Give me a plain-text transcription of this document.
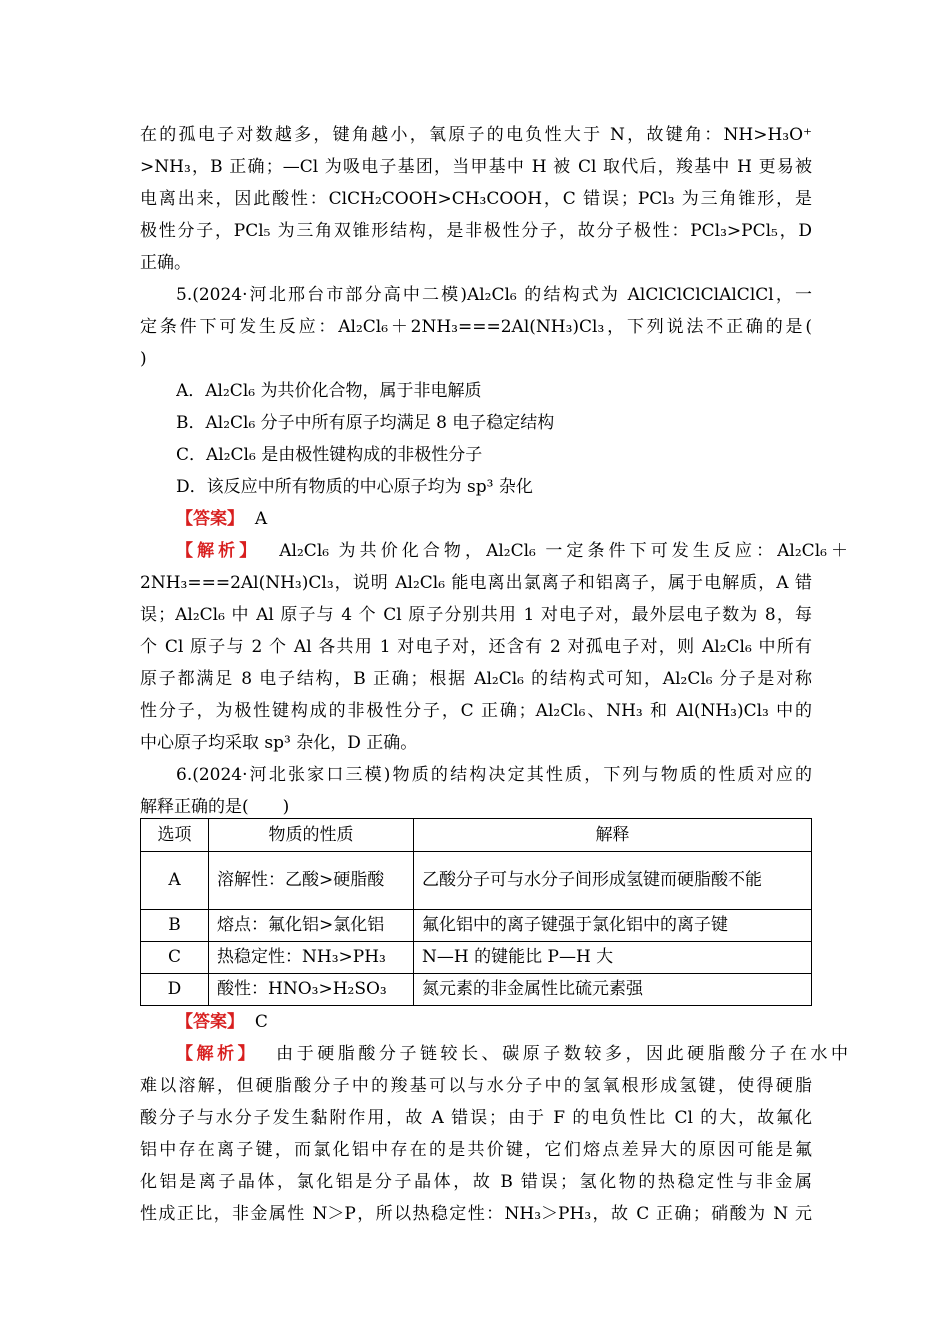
在的孤电子对数越多，键角越小，氧原子的电负性大于 N，故键角：NH>H₃O⁺
>NH₃，B 正确；—Cl 为吸电子基团，当甲基中 H 被 Cl 取代后，羧基中 H 更易被
电离出来，因此酸性：ClCH₂COOH>CH₃COOH，C 错误；PCl₃ 为三角锥形，是
极性分子，PCl₅ 为三角双锥形结构，是非极性分子，故分子极性：PCl₃>PCl₅，D
正确。
5.(2024·河北邢台市部分高中二模)Al₂Cl₆ 的结构式为 AlClClClClAlClCl，一
定条件下可发生反应：Al₂Cl₆＋2NH₃===2Al(NH₃)Cl₃，下列说法不正确的是(
)
A．Al₂Cl₆ 为共价化合物，属于非电解质
B．Al₂Cl₆ 分子中所有原子均满足 8 电子稳定结构
C．Al₂Cl₆ 是由极性键构成的非极性分子
D．该反应中所有物质的中心原子均为 sp³ 杂化
【答案】 A
【解析】 Al₂Cl₆ 为共价化合物，Al₂Cl₆ 一定条件下可发生反应：Al₂Cl₆＋
2NH₃===2Al(NH₃)Cl₃，说明 Al₂Cl₆ 能电离出氯离子和铝离子，属于电解质，A 错
误；Al₂Cl₆ 中 Al 原子与 4 个 Cl 原子分别共用 1 对电子对，最外层电子数为 8，每
个 Cl 原子与 2 个 Al 各共用 1 对电子对，还含有 2 对孤电子对，则 Al₂Cl₆ 中所有
原子都满足 8 电子结构，B 正确；根据 Al₂Cl₆ 的结构式可知，Al₂Cl₆ 分子是对称
性分子，为极性键构成的非极性分子，C 正确；Al₂Cl₆、NH₃ 和 Al(NH₃)Cl₃ 中的
中心原子均采取 sp³ 杂化，D 正确。
6.(2024·河北张家口三模)物质的结构决定其性质，下列与物质的性质对应的
解释正确的是(　　)
选项	物质的性质	解释
A	溶解性：乙酸>硬脂酸	乙酸分子可与水分子间形成氢键而硬脂酸不能
B	熔点：氟化铝>氯化铝	氟化铝中的离子键强于氯化铝中的离子键
C	热稳定性：NH₃>PH₃	N—H 的键能比 P—H 大
D	酸性：HNO₃>H₂SO₃	氮元素的非金属性比硫元素强
【答案】 C
【解析】 由于硬脂酸分子链较长、碳原子数较多，因此硬脂酸分子在水中
难以溶解，但硬脂酸分子中的羧基可以与水分子中的氢氧根形成氢键，使得硬脂
酸分子与水分子发生黏附作用，故 A 错误；由于 F 的电负性比 Cl 的大，故氟化
铝中存在离子键，而氯化铝中存在的是共价键，它们熔点差异大的原因可能是氟
化铝是离子晶体，氯化铝是分子晶体，故 B 错误；氢化物的热稳定性与非金属
性成正比，非金属性 N＞P，所以热稳定性：NH₃＞PH₃，故 C 正确；硝酸为 N 元
